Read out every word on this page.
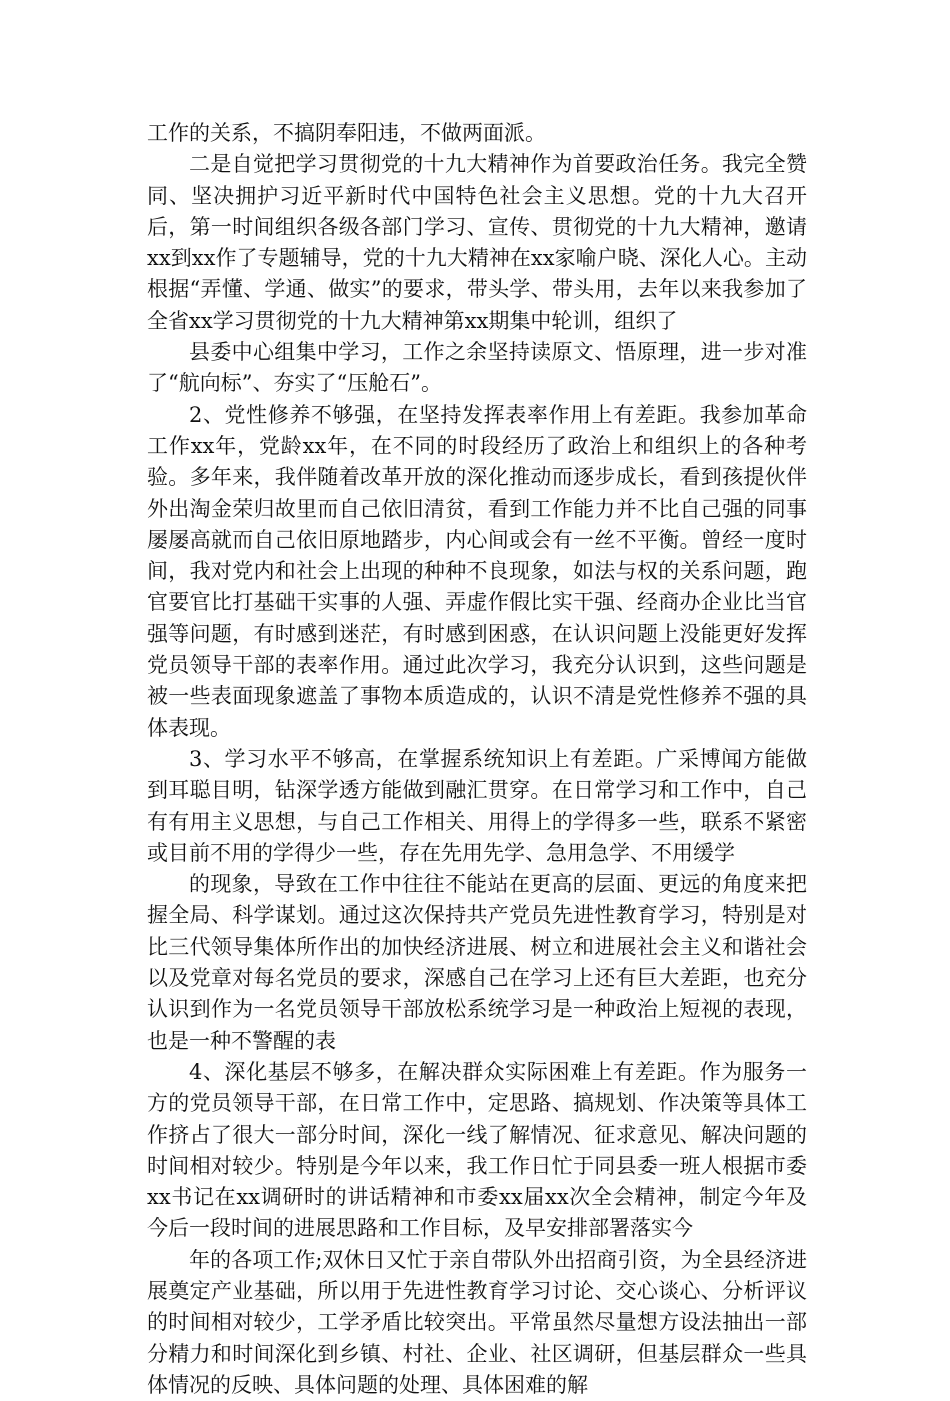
工作的关系，不搞阴奉阳违，不做两面派。

二是自觉把学习贯彻党的十九大精神作为首要政治任务。我完全赞同、坚决拥护习近平新时代中国特色社会主义思想。党的十九大召开后，第一时间组织各级各部门学习、宣传、贯彻党的十九大精神，邀请xx到xx作了专题辅导，党的十九大精神在xx家喻户晓、深化人心。主动根据“弄懂、学通、做实”的要求，带头学、带头用，去年以来我参加了全省xx学习贯彻党的十九大精神第xx期集中轮训，组织了

县委中心组集中学习，工作之余坚持读原文、悟原理，进一步对准了“航向标”、夯实了“压舱石”。

2、党性修养不够强，在坚持发挥表率作用上有差距。我参加革命工作xx年，党龄xx年，在不同的时段经历了政治上和组织上的各种考验。多年来，我伴随着改革开放的深化推动而逐步成长，看到孩提伙伴外出淘金荣归故里而自己依旧清贫，看到工作能力并不比自己强的同事屡屡高就而自己依旧原地踏步，内心间或会有一丝不平衡。曾经一度时间，我对党内和社会上出现的种种不良现象，如法与权的关系问题，跑官要官比打基础干实事的人强、弄虚作假比实干强、经商办企业比当官强等问题，有时感到迷茫，有时感到困惑，在认识问题上没能更好发挥党员领导干部的表率作用。通过此次学习，我充分认识到，这些问题是被一些表面现象遮盖了事物本质造成的，认识不清是党性修养不强的具体表现。

3、学习水平不够高，在掌握系统知识上有差距。广采博闻方能做到耳聪目明，钻深学透方能做到融汇贯穿。在日常学习和工作中，自己有有用主义思想，与自己工作相关、用得上的学得多一些，联系不紧密或目前不用的学得少一些，存在先用先学、急用急学、不用缓学

的现象，导致在工作中往往不能站在更高的层面、更远的角度来把握全局、科学谋划。通过这次保持共产党员先进性教育学习，特别是对比三代领导集体所作出的加快经济进展、树立和进展社会主义和谐社会以及党章对每名党员的要求，深感自己在学习上还有巨大差距，也充分认识到作为一名党员领导干部放松系统学习是一种政治上短视的表现，也是一种不警醒的表

4、深化基层不够多，在解决群众实际困难上有差距。作为服务一方的党员领导干部，在日常工作中，定思路、搞规划、作决策等具体工作挤占了很大一部分时间，深化一线了解情况、征求意见、解决问题的时间相对较少。特别是今年以来，我工作日忙于同县委一班人根据市委xx书记在xx调研时的讲话精神和市委xx届xx次全会精神，制定今年及今后一段时间的进展思路和工作目标，及早安排部署落实今

年的各项工作;双休日又忙于亲自带队外出招商引资，为全县经济进展奠定产业基础，所以用于先进性教育学习讨论、交心谈心、分析评议的时间相对较少，工学矛盾比较突出。平常虽然尽量想方设法抽出一部分精力和时间深化到乡镇、村社、企业、社区调研，但基层群众一些具体情况的反映、具体问题的处理、具体困难的解
